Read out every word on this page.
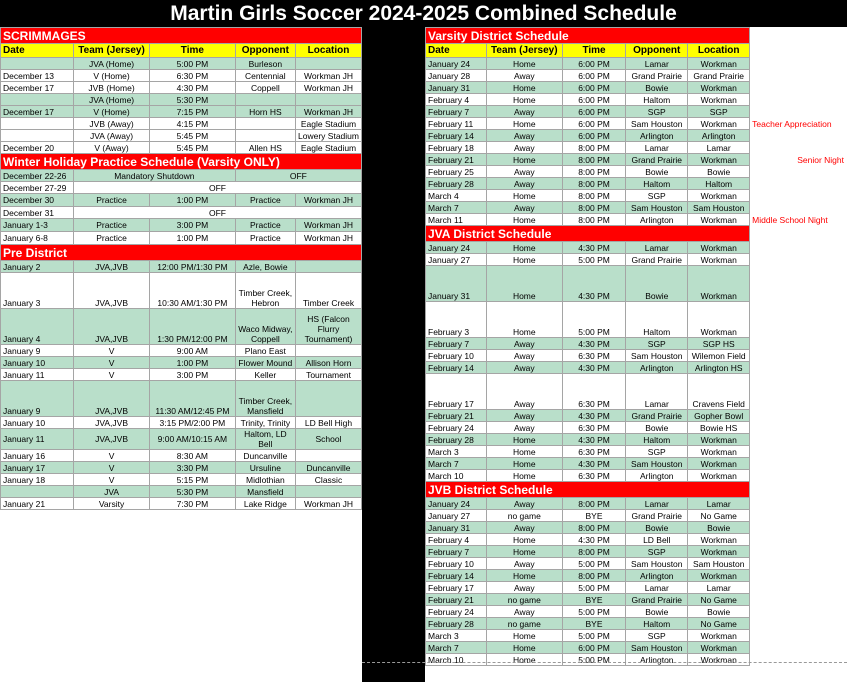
Martin Girls Soccer 2024-2025 Combined Schedule
SCRIMMAGES				
Date	Team (Jersey)	Time	Opponent	Location
	JVA (Home)	5:00 PM	Burleson	
December 13	V (Home)	6:30 PM	Centennial	Workman JH
December 17	JVB (Home)	4:30 PM	Coppell	Workman JH
	JVA (Home)	5:30 PM		
December 17	V (Home)	7:15 PM	Horn HS	Workman JH
	JVB (Away)	4:15 PM		Eagle Stadium
	JVA (Away)	5:45 PM		Lowery Stadium
December 20	V (Away)	5:45 PM	Allen HS	Eagle Stadium
Winter Holiday Practice Schedule (Varsity ONLY)				
December 22-26	Mandatory Shutdown		OFF	
December 27-29	OFF			
December 30	Practice	1:00 PM	Practice	Workman JH
December 31	OFF			
January 1-3	Practice	3:00 PM	Practice	Workman JH
January 6-8	Practice	1:00 PM	Practice	Workman JH
Pre District				
January 2	JVA,JVB	12:00 PM/1:30 PM	Azle, Bowie	
January 3	JVA,JVB	10:30 AM/1:30 PM	Timber Creek, Hebron	Timber Creek
January 4	JVA,JVB	1:30 PM/12:00 PM	Waco Midway, Coppell	HS (Falcon Flurry Tournament)
January 9	V	9:00 AM	Plano East	
January 10	V	1:00 PM	Flower Mound	Allison Horn
January 11	V	3:00 PM	Keller	Tournament
January 9	JVA,JVB	11:30 AM/12:45 PM	Timber Creek, Mansfield	
January 10	JVA,JVB	3:15 PM/2:00 PM	Trinity, Trinity	LD Bell High
January 11	JVA,JVB	9:00 AM/10:15 AM	Haltom, LD Bell	School
January 16	V	8:30 AM	Duncanville	
January 17	V	3:30 PM	Ursuline	Duncanville
January 18	V	5:15 PM	Midlothian	Classic
	JVA	5:30 PM	Mansfield	
January 21	Varsity	7:30 PM	Lake Ridge	Workman JH
Varsity District Schedule					
Date	Team (Jersey)	Time	Opponent	Location	
January 24	Home	6:00 PM	Lamar	Workman	
January 28	Away	6:00 PM	Grand Prairie	Grand Prairie	
January 31	Home	6:00 PM	Bowie	Workman	
February 4	Home	6:00 PM	Haltom	Workman	
February 7	Away	6:00 PM	SGP	SGP	
February 11	Home	6:00 PM	Sam Houston	Workman	Teacher Appreciation
February 14	Away	6:00 PM	Arlington	Arlington	
February 18	Away	8:00 PM	Lamar	Lamar	
February 21	Home	8:00 PM	Grand Prairie	Workman	Senior Night
February 25	Away	8:00 PM	Bowie	Bowie	
February 28	Away	8:00 PM	Haltom	Haltom	
March 4	Home	8:00 PM	SGP	Workman	
March 7	Away	8:00 PM	Sam Houston	Sam Houston	
March 11	Home	8:00 PM	Arlington	Workman	Middle School Night
JVA District Schedule					
January 24	Home	4:30 PM	Lamar	Workman	
January 27	Home	5:00 PM	Grand Prairie	Workman	
January 31	Home	4:30 PM	Bowie	Workman	
February 3	Home	5:00 PM	Haltom	Workman	
February 7	Away	4:30 PM	SGP	SGP HS	
February 10	Away	6:30 PM	Sam Houston	Wilemon Field	
February 14	Away	4:30 PM	Arlington	Arlington HS	
February 17	Away	6:30 PM	Lamar	Cravens Field	
February 21	Away	4:30 PM	Grand Prairie	Gopher Bowl	
February 24	Away	6:30 PM	Bowie	Bowie HS	
February 28	Home	4:30 PM	Haltom	Workman	
March 3	Home	6:30 PM	SGP	Workman	
March 7	Home	4:30 PM	Sam Houston	Workman	
March 10	Home	6:30 PM	Arlington	Workman	
JVB District Schedule					
January 24	Away	8:00 PM	Lamar	Lamar	
January 27	no game	BYE	Grand Prairie	No Game	
January 31	Away	8:00 PM	Bowie	Bowie	
February 4	Home	4:30 PM	LD Bell	Workman	
February 7	Home	8:00 PM	SGP	Workman	
February 10	Away	5:00 PM	Sam Houston	Sam Houston	
February 14	Home	8:00 PM	Arlington	Workman	
February 17	Away	5:00 PM	Lamar	Lamar	
February 21	no game	BYE	Grand Prairie	No Game	
February 24	Away	5:00 PM	Bowie	Bowie	
February 28	no game	BYE	Haltom	No Game	
March 3	Home	5:00 PM	SGP	Workman	
March 7	Home	6:00 PM	Sam Houston	Workman	
March 10	Home	5:00 PM	Arlington	Workman	
